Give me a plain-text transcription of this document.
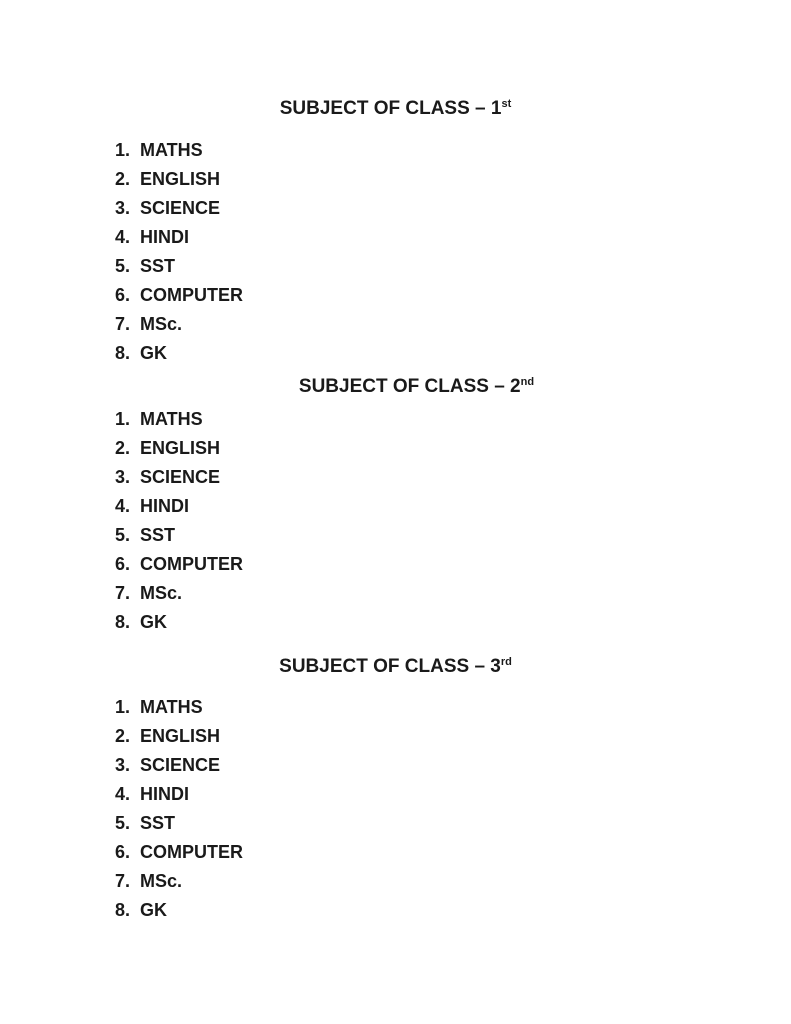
SUBJECT OF CLASS – 1st
1. MATHS
2. ENGLISH
3. SCIENCE
4. HINDI
5. SST
6. COMPUTER
7. MSc.
8. GK
SUBJECT OF CLASS – 2nd
1. MATHS
2. ENGLISH
3. SCIENCE
4. HINDI
5. SST
6. COMPUTER
7. MSc.
8. GK
SUBJECT OF CLASS – 3rd
1. MATHS
2. ENGLISH
3. SCIENCE
4. HINDI
5. SST
6. COMPUTER
7. MSc.
8. GK
